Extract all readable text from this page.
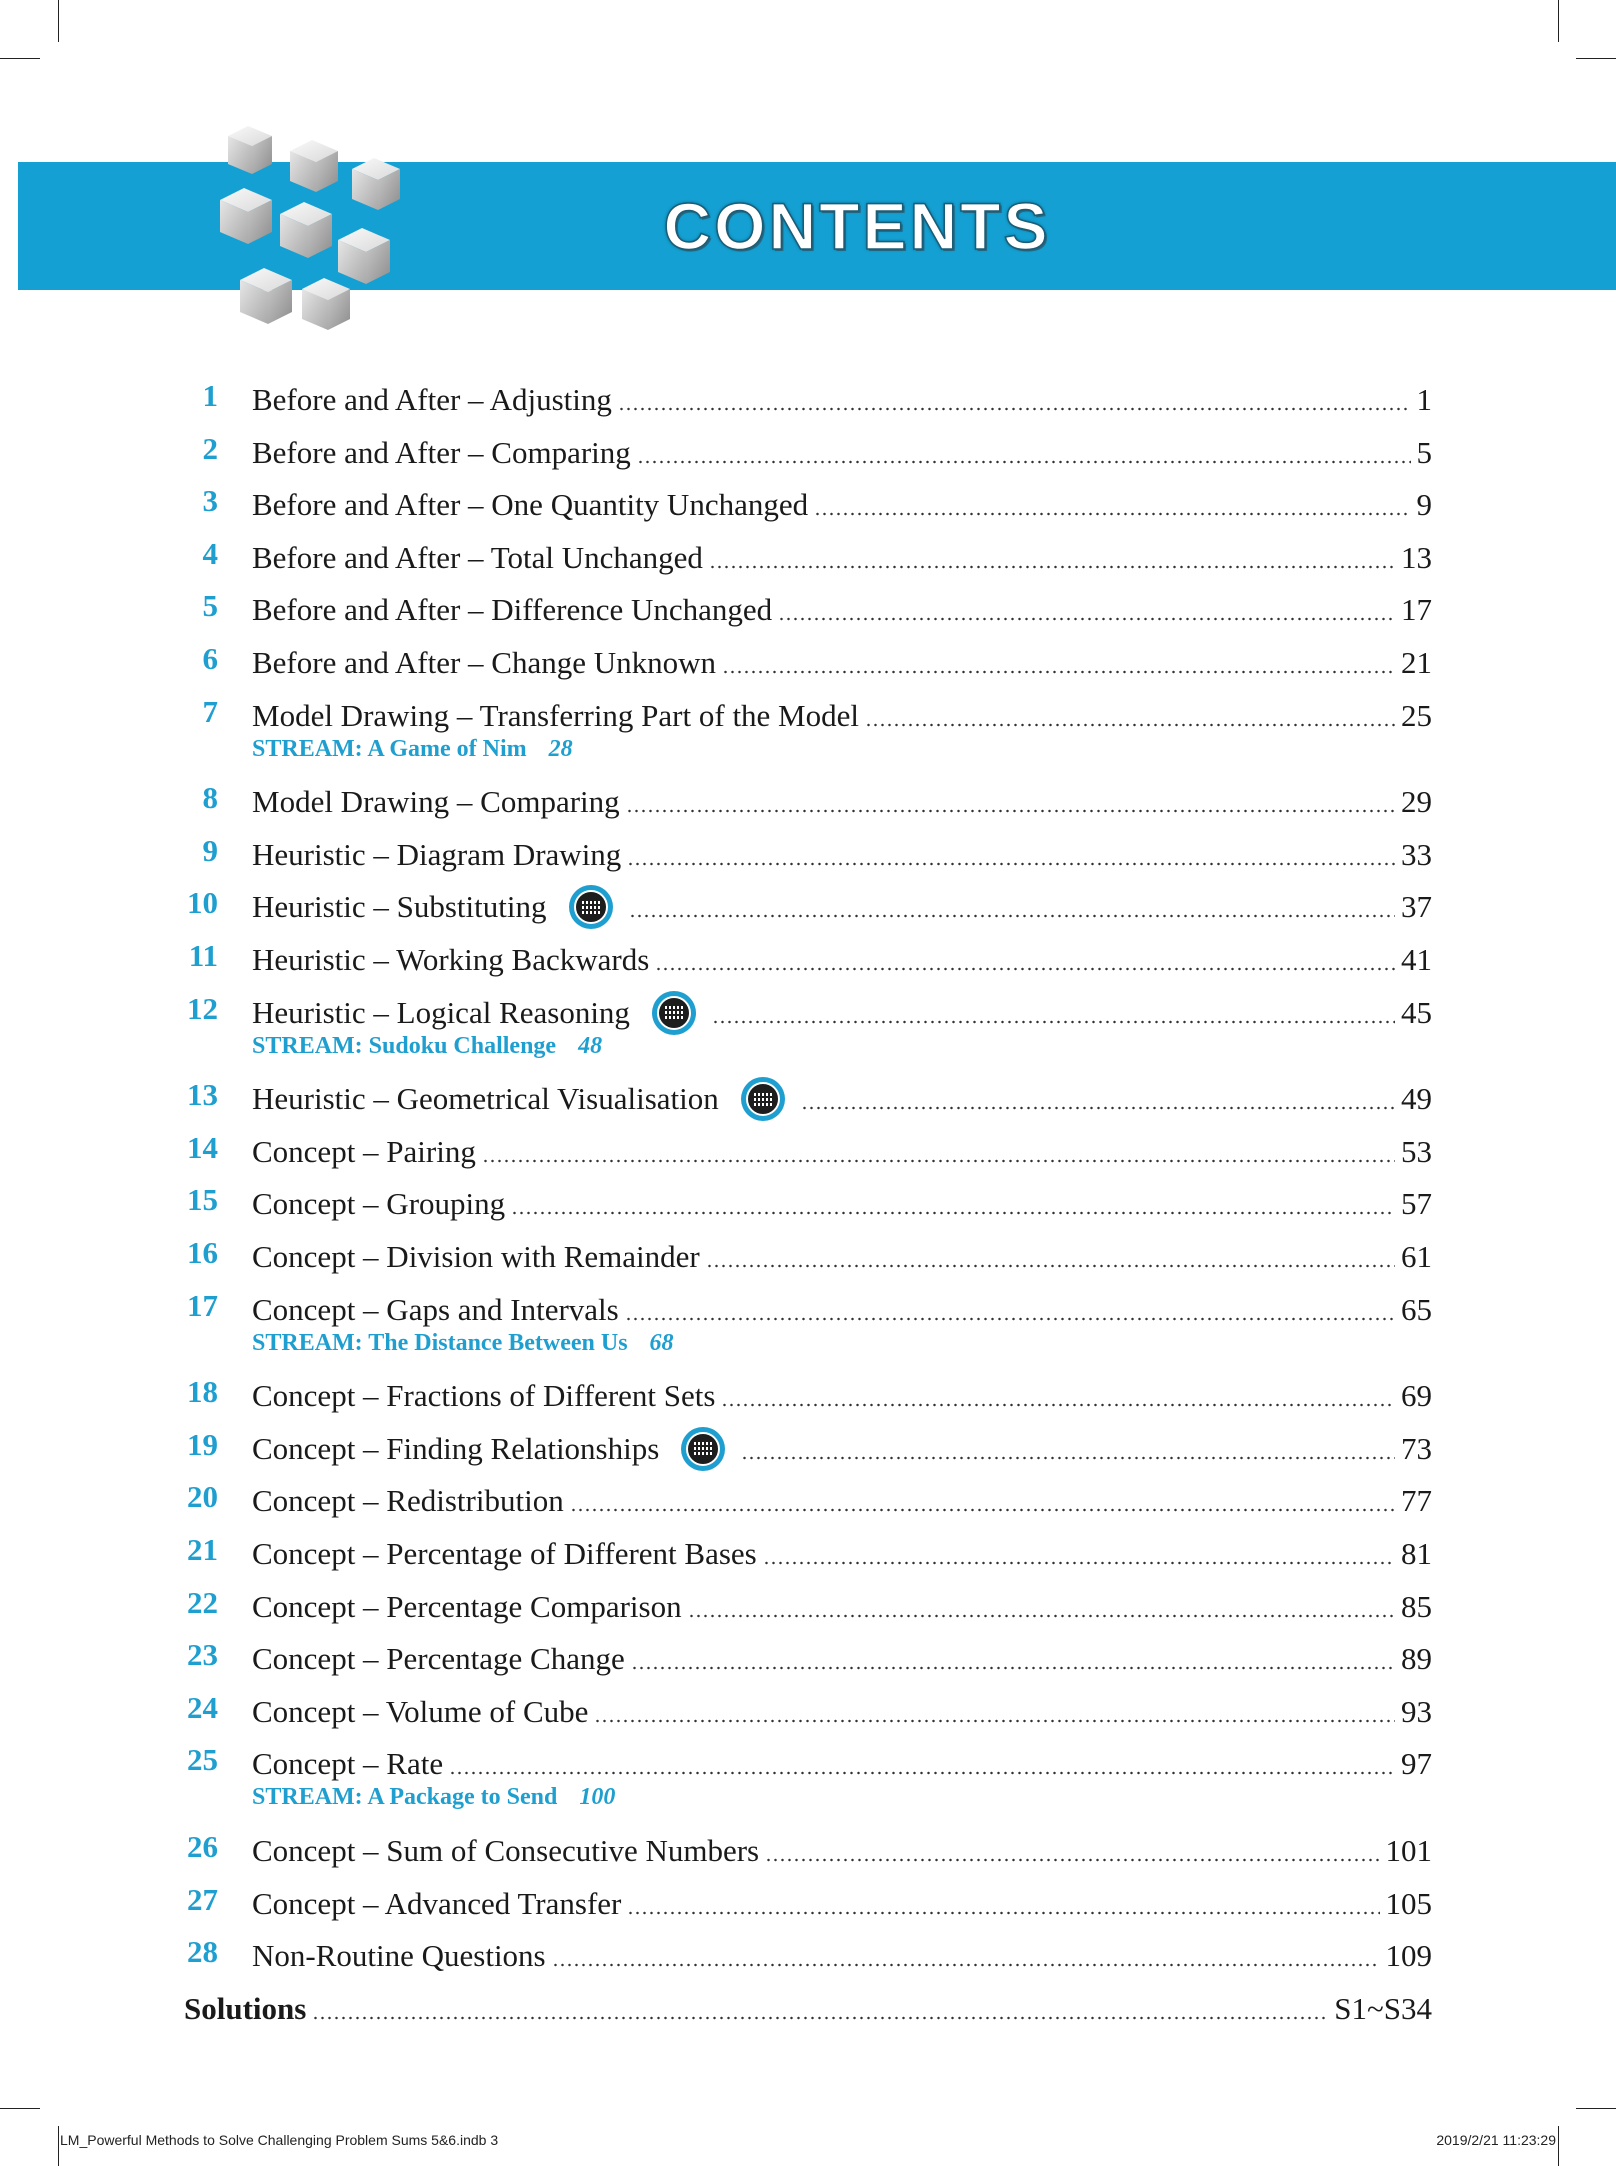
CONTENTS
1 Before and After – Adjusting	1
2 Before and After – Comparing	5
3 Before and After – One Quantity Unchanged	9
4 Before and After – Total Unchanged	13
5 Before and After – Difference Unchanged	17
6 Before and After – Change Unknown	21
7 Model Drawing – Transferring Part of the Model	25
STREAM: A Game of Nim 28
8 Model Drawing – Comparing	29
9 Heuristic – Diagram Drawing	33
10 Heuristic – Substituting	37
11 Heuristic – Working Backwards	41
12 Heuristic – Logical Reasoning	45
STREAM: Sudoku Challenge 48
13 Heuristic – Geometrical Visualisation	49
14 Concept – Pairing	53
15 Concept – Grouping	57
16 Concept – Division with Remainder	61
17 Concept – Gaps and Intervals	65
STREAM: The Distance Between Us 68
18 Concept – Fractions of Different Sets	69
19 Concept – Finding Relationships	73
20 Concept – Redistribution	77
21 Concept – Percentage of Different Bases	81
22 Concept – Percentage Comparison	85
23 Concept – Percentage Change	89
24 Concept – Volume of Cube	93
25 Concept – Rate	97
STREAM: A Package to Send 100
26 Concept – Sum of Consecutive Numbers	101
27 Concept – Advanced Transfer	105
28 Non-Routine Questions	109
Solutions	S1~S34
LM_Powerful Methods to Solve Challenging Problem Sums 5&6.indb 3	2019/2/21 11:23:29
